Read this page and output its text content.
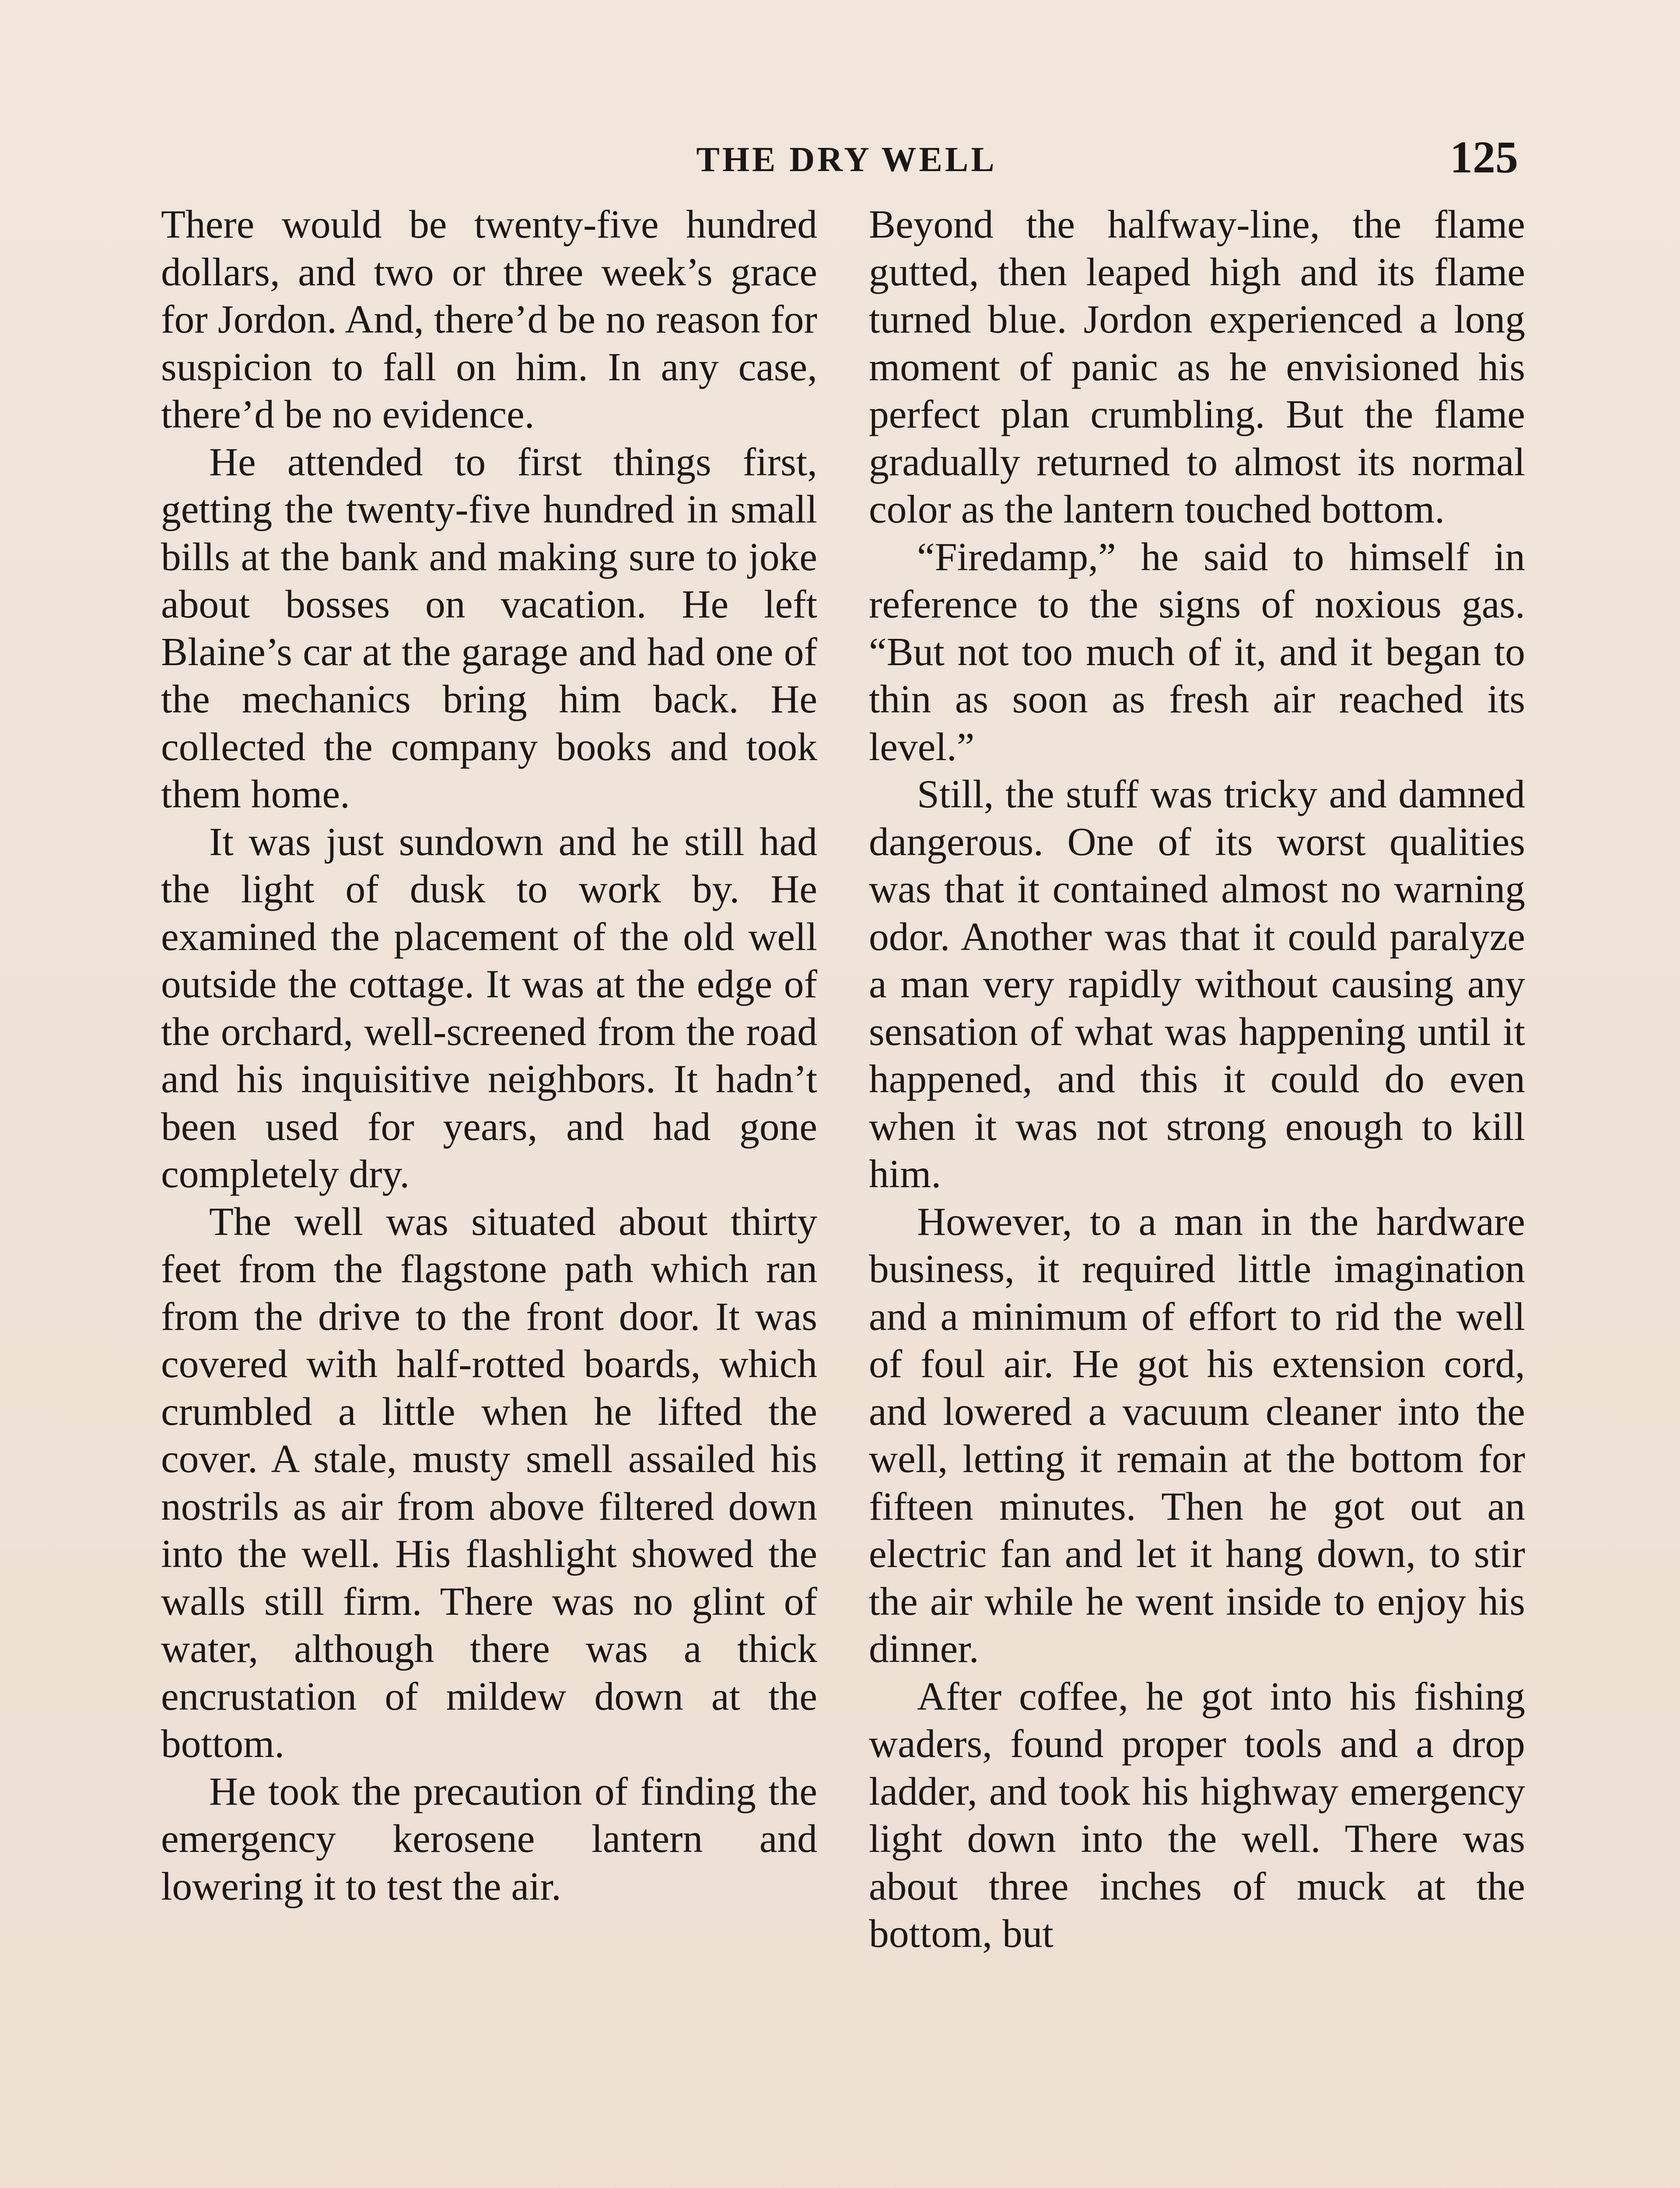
THE DRY WELL	125

There would be twenty-five hundred dollars, and two or three week’s grace for Jordon. And, there’d be no reason for suspicion to fall on him. In any case, there’d be no evidence.

He attended to first things first, getting the twenty-five hundred in small bills at the bank and making sure to joke about bosses on vacation. He left Blaine’s car at the garage and had one of the mechanics bring him back. He collected the company books and took them home.

It was just sundown and he still had the light of dusk to work by. He examined the placement of the old well outside the cottage. It was at the edge of the orchard, well-screened from the road and his inquisitive neighbors. It hadn’t been used for years, and had gone completely dry.

The well was situated about thirty feet from the flagstone path which ran from the drive to the front door. It was covered with half-rotted boards, which crumbled a little when he lifted the cover. A stale, musty smell assailed his nostrils as air from above filtered down into the well. His flashlight showed the walls still firm. There was no glint of water, although there was a thick encrustation of mildew down at the bottom.

He took the precaution of finding the emergency kerosene lantern and lowering it to test the air.

Beyond the halfway-line, the flame gutted, then leaped high and its flame turned blue. Jordon experienced a long moment of panic as he envisioned his perfect plan crumbling. But the flame gradually returned to almost its normal color as the lantern touched bottom.

“Firedamp,” he said to himself in reference to the signs of noxious gas. “But not too much of it, and it began to thin as soon as fresh air reached its level.”

Still, the stuff was tricky and damned dangerous. One of its worst qualities was that it contained almost no warning odor. Another was that it could paralyze a man very rapidly without causing any sensation of what was happening until it happened, and this it could do even when it was not strong enough to kill him.

However, to a man in the hardware business, it required little imagination and a minimum of effort to rid the well of foul air. He got his extension cord, and lowered a vacuum cleaner into the well, letting it remain at the bottom for fifteen minutes. Then he got out an electric fan and let it hang down, to stir the air while he went inside to enjoy his dinner.

After coffee, he got into his fishing waders, found proper tools and a drop ladder, and took his highway emergency light down into the well. There was about three inches of muck at the bottom, but
